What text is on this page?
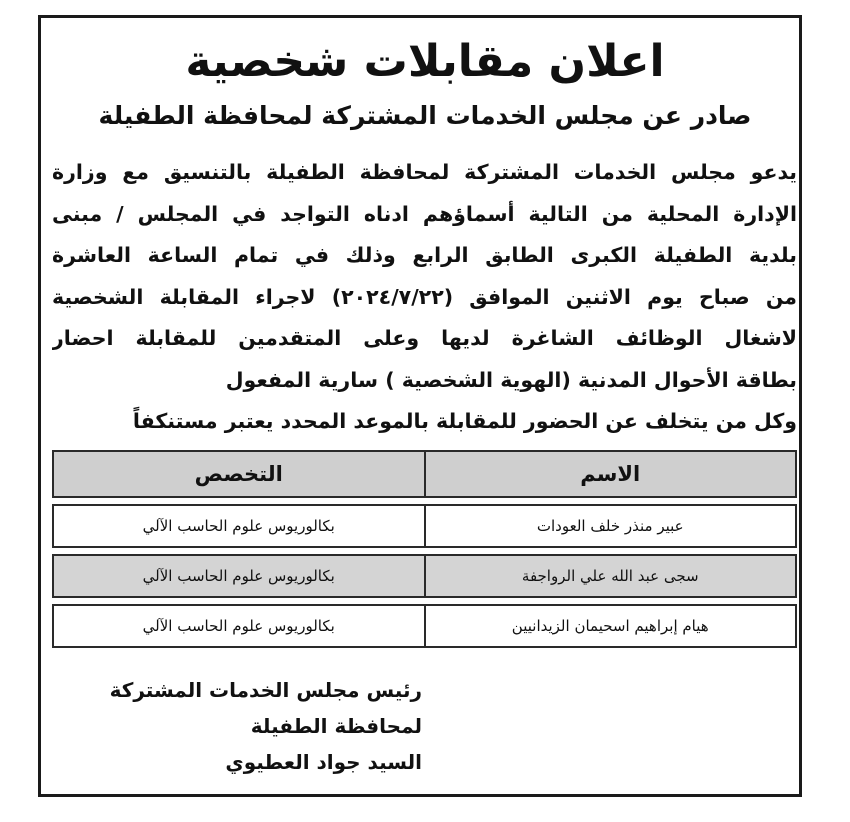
اعلان مقابلات شخصية
صادر عن مجلس الخدمات المشتركة لمحافظة الطفيلة
يدعو مجلس الخدمات المشتركة لمحافظة الطفيلة بالتنسيق مع وزارة
الإدارة المحلية من التالية أسماؤهم ادناه التواجد في المجلس / مبنى
بلدية الطفيلة الكبرى الطابق الرابع وذلك في تمام الساعة العاشرة
من صباح يوم الاثنين الموافق (٢٠٢٤/٧/٢٢) لاجراء المقابلة الشخصية
لاشغال الوظائف الشاغرة لديها وعلى المتقدمين للمقابلة احضار
بطاقة الأحوال المدنية (الهوية الشخصية ) سارية المفعول
وكل من يتخلف عن الحضور للمقابلة بالموعد المحدد يعتبر مستنكفاً
الاسم	التخصص

عبير منذر خلف العودات	بكالوريوس علوم الحاسب الآلي

سجى عبد الله علي الرواجفة	بكالوريوس علوم الحاسب الآلي

هيام إبراهيم اسحيمان الزيدانيين	بكالوريوس علوم الحاسب الآلي
رئيس مجلس الخدمات المشتركة
لمحافظة الطفيلة
السيد جواد العطيوي
